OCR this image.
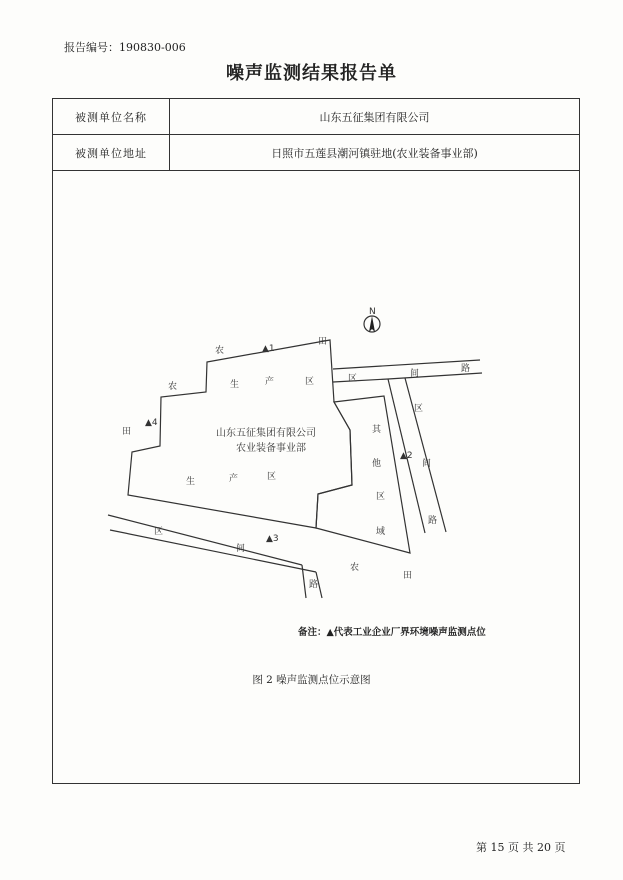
报告编号：190830-006
噪声监测结果报告单
被测单位名称	山东五征集团有限公司
被测单位地址	日照市五莲县潮河镇驻地(农业装备事业部)
N
农
田
农
田
农
田
生	产	区
生	产	区
山东五征集团有限公司
农业装备事业部
区	间	路
区
间
路
区
间
路
其
他
区
域
▲1
▲2
▲3
▲4
备注：▲代表工业企业厂界环境噪声监测点位
图 2 噪声监测点位示意图
第 15 页 共 20 页
